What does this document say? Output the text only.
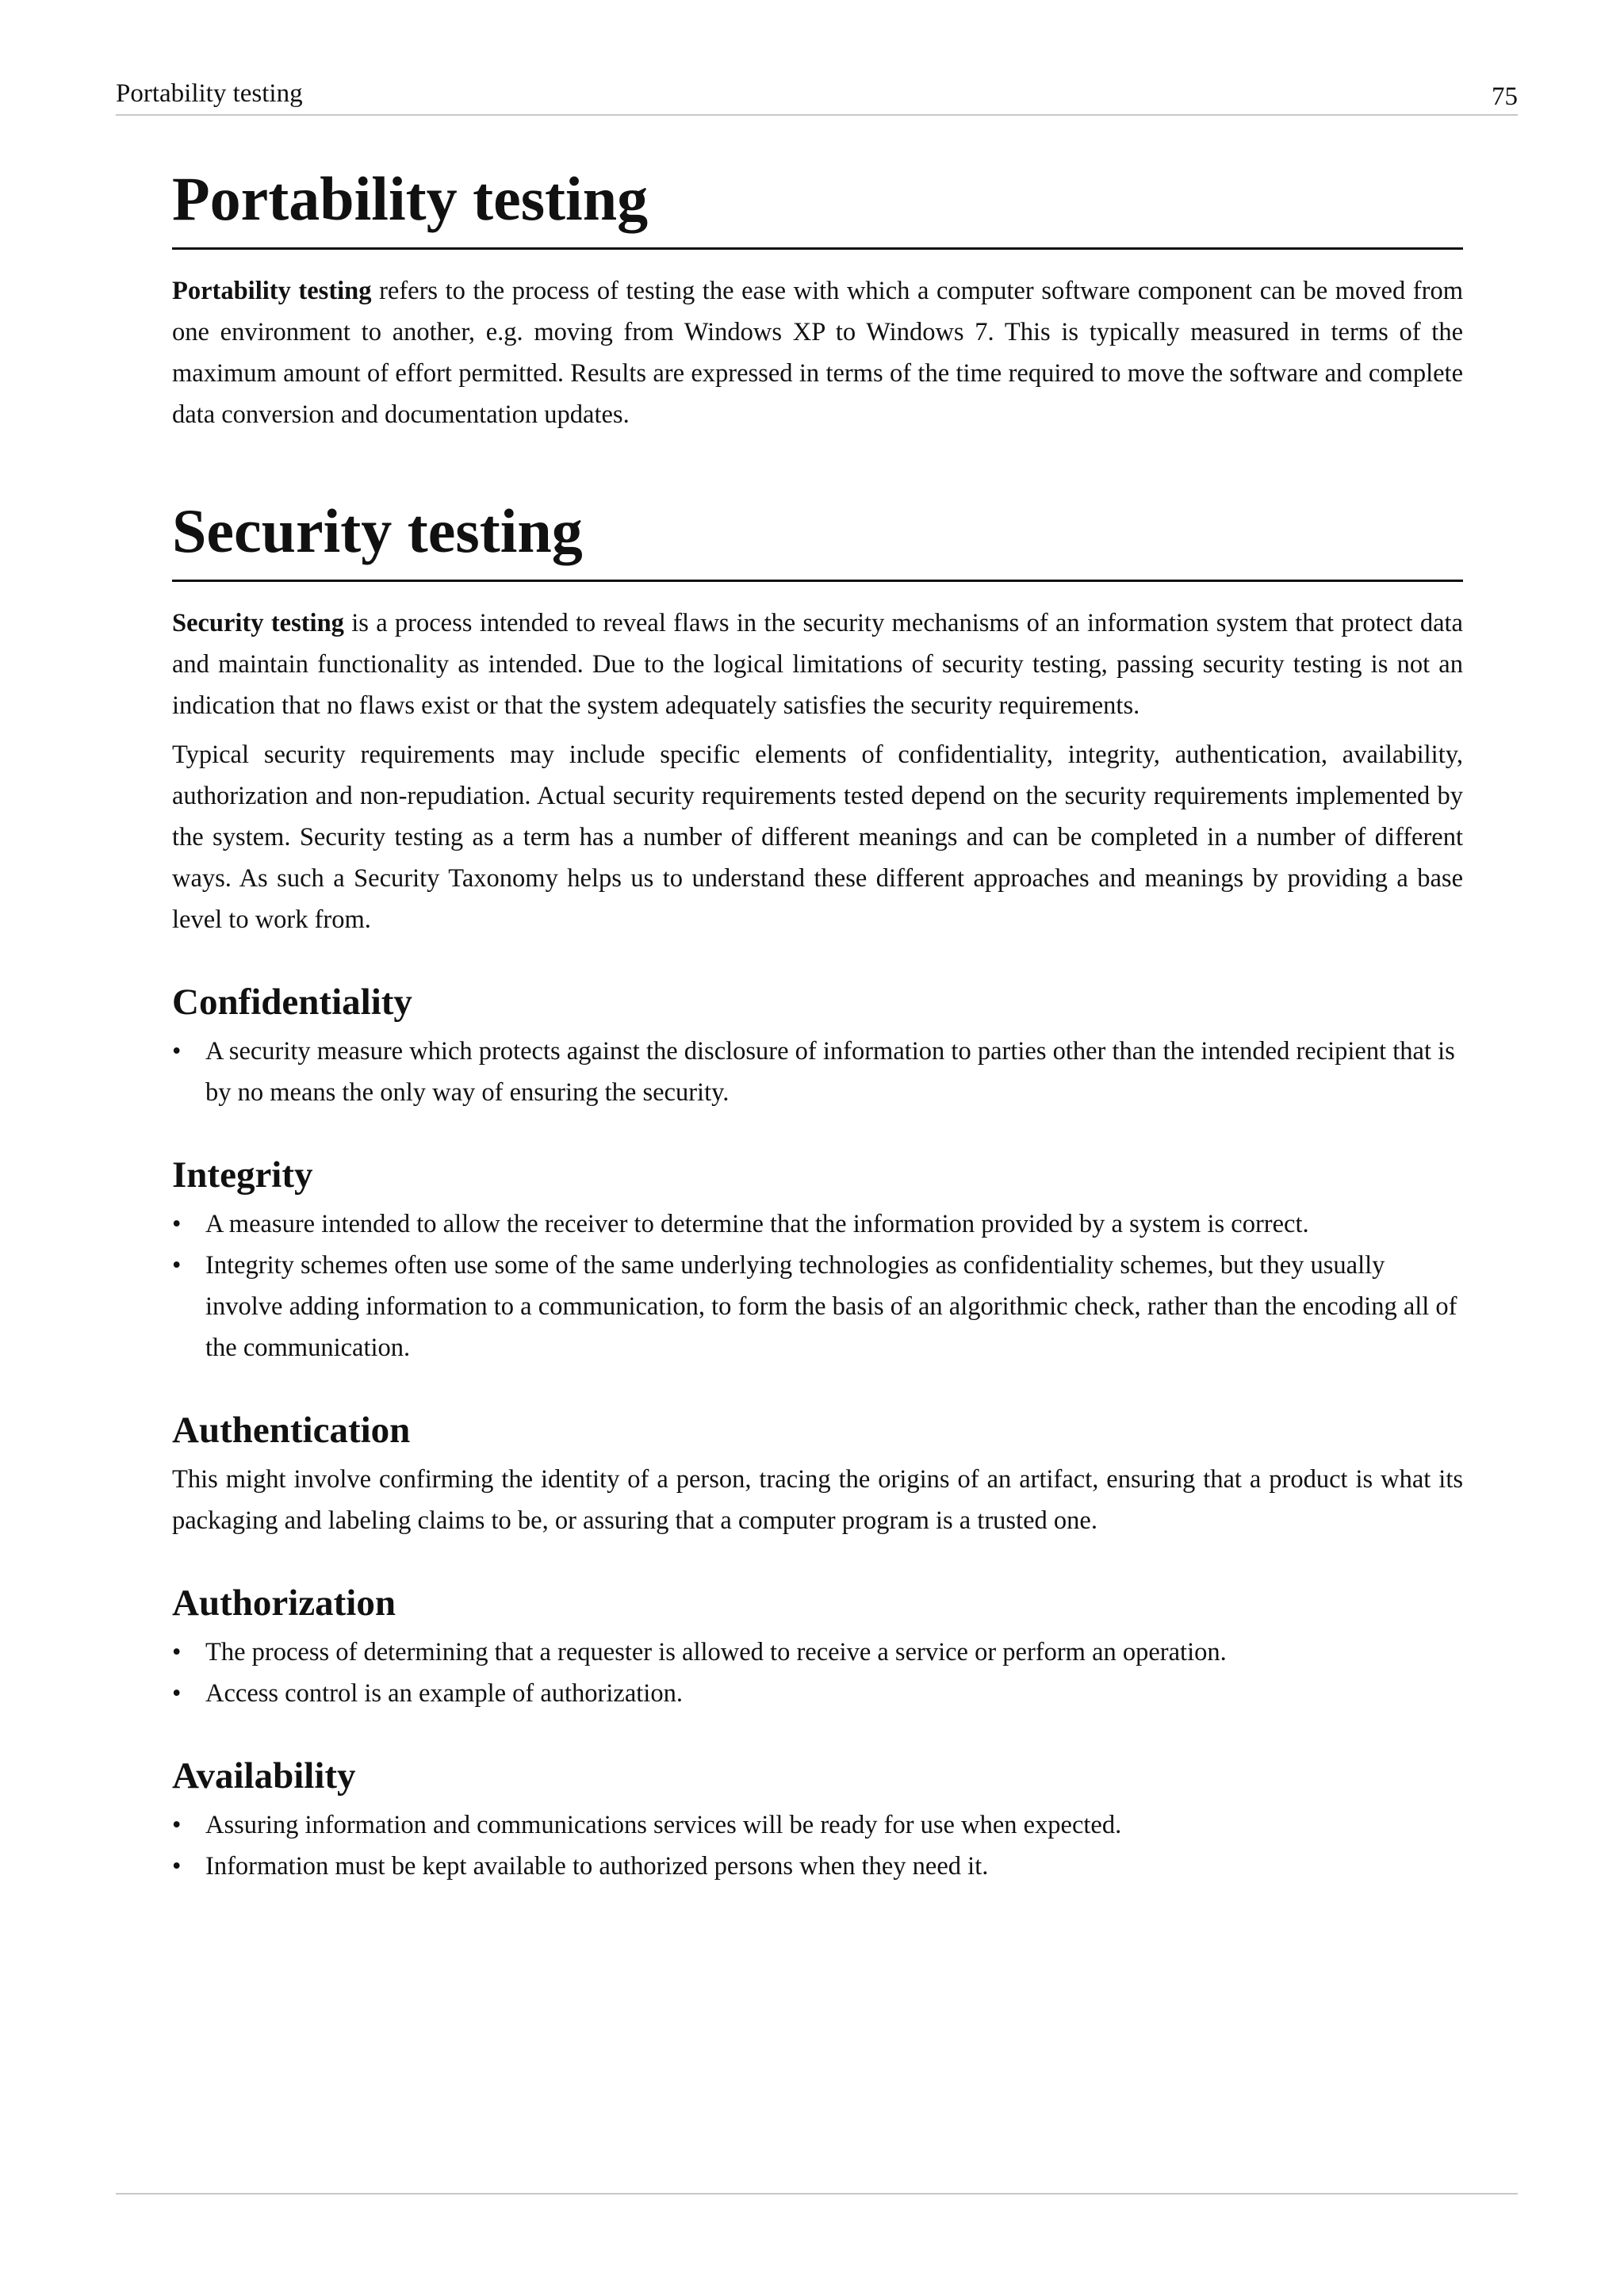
Portability testing	75
Portability testing

Portability testing refers to the process of testing the ease with which a computer software component can be moved from one environment to another, e.g. moving from Windows XP to Windows 7. This is typically measured in terms of the maximum amount of effort permitted. Results are expressed in terms of the time required to move the software and complete data conversion and documentation updates.

Security testing

Security testing is a process intended to reveal flaws in the security mechanisms of an information system that protect data and maintain functionality as intended. Due to the logical limitations of security testing, passing security testing is not an indication that no flaws exist or that the system adequately satisfies the security requirements.

Typical security requirements may include specific elements of confidentiality, integrity, authentication, availability, authorization and non-repudiation. Actual security requirements tested depend on the security requirements implemented by the system. Security testing as a term has a number of different meanings and can be completed in a number of different ways. As such a Security Taxonomy helps us to understand these different approaches and meanings by providing a base level to work from.

Confidentiality
• A security measure which protects against the disclosure of information to parties other than the intended recipient that is by no means the only way of ensuring the security.
Integrity
• A measure intended to allow the receiver to determine that the information provided by a system is correct.
• Integrity schemes often use some of the same underlying technologies as confidentiality schemes, but they usually involve adding information to a communication, to form the basis of an algorithmic check, rather than the encoding all of the communication.
Authentication

This might involve confirming the identity of a person, tracing the origins of an artifact, ensuring that a product is what its packaging and labeling claims to be, or assuring that a computer program is a trusted one.

Authorization
• The process of determining that a requester is allowed to receive a service or perform an operation.
• Access control is an example of authorization.
Availability
• Assuring information and communications services will be ready for use when expected.
• Information must be kept available to authorized persons when they need it.
